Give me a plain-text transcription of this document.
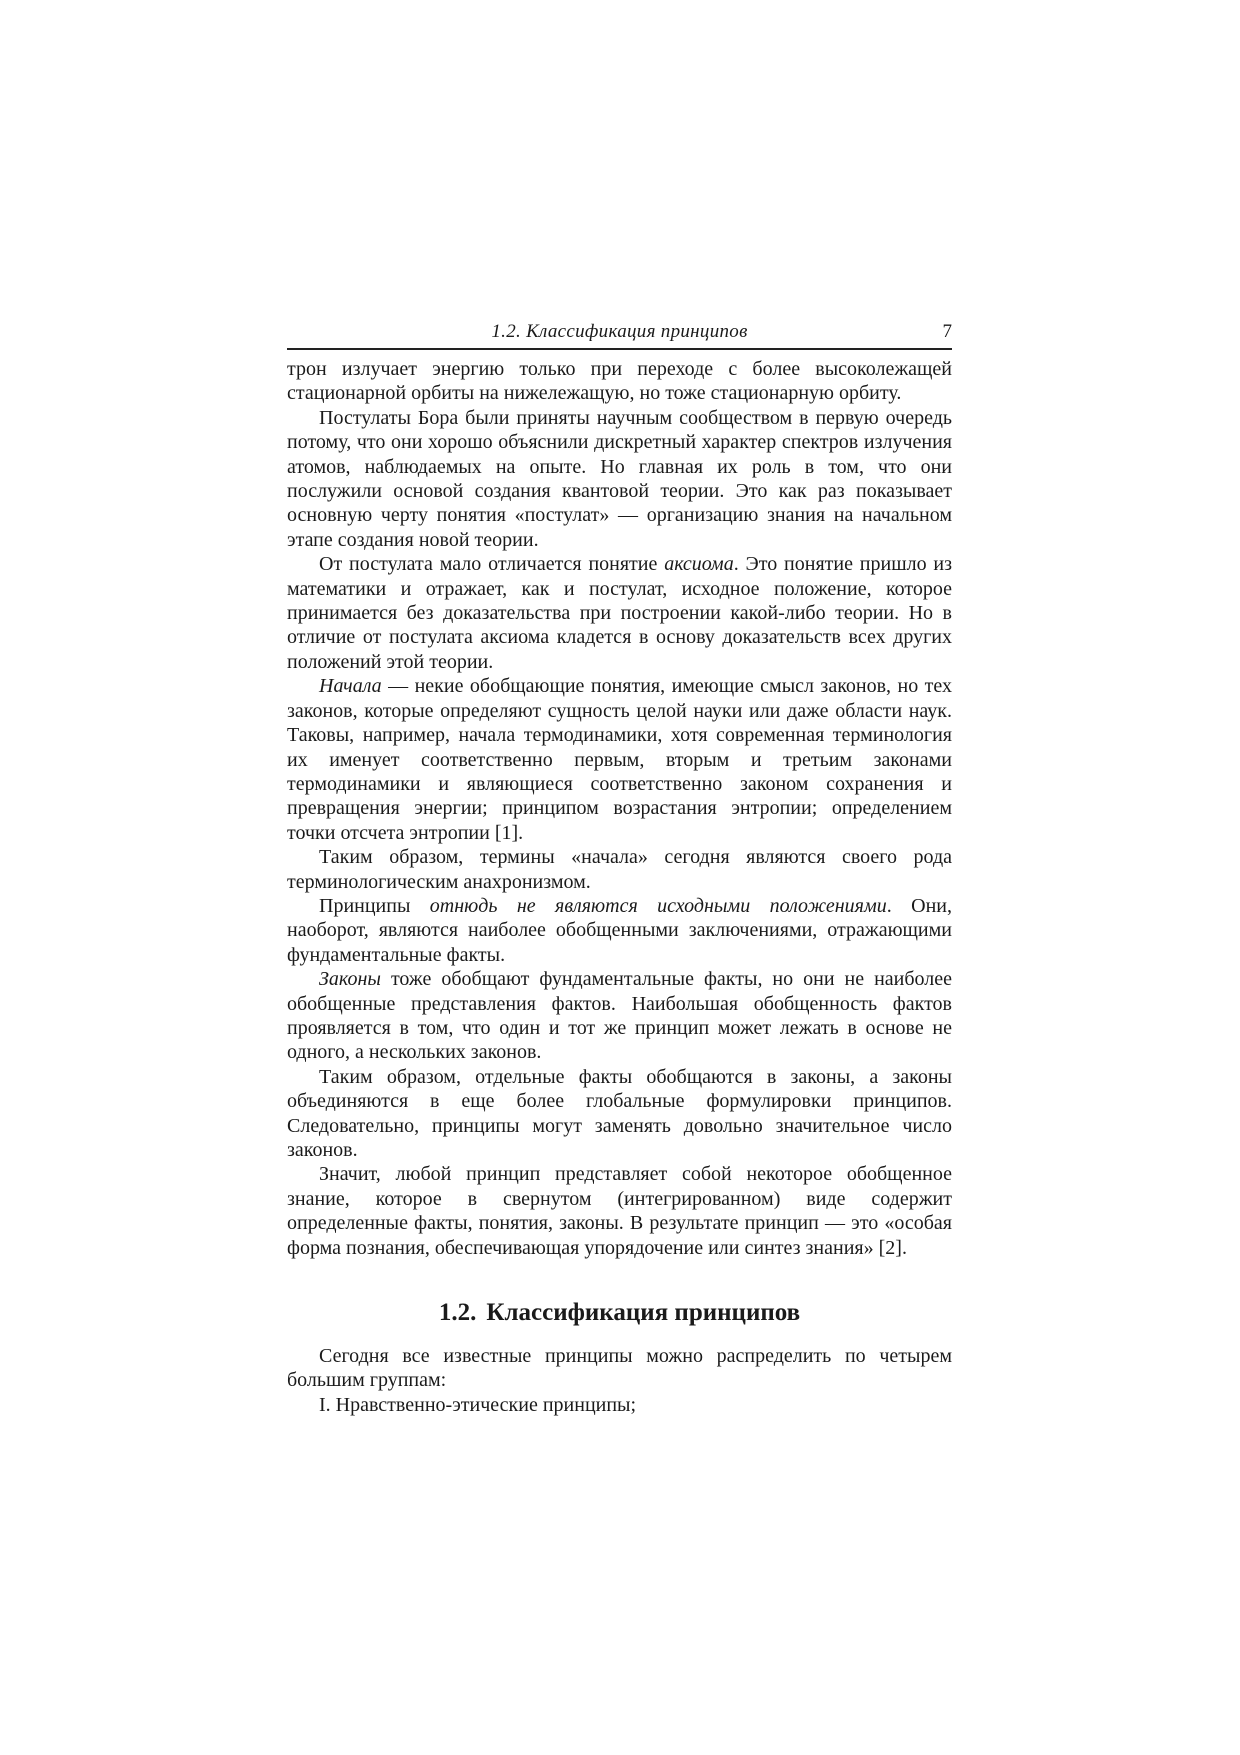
1.2. Классификация принципов	7

трон излучает энергию только при переходе с более высоколежащей стационарной орбиты на нижележащую, но тоже стационарную орбиту.

Постулаты Бора были приняты научным сообществом в первую очередь потому, что они хорошо объяснили дискретный характер спектров излучения атомов, наблюдаемых на опыте. Но главная их роль в том, что они послужили основой создания квантовой теории. Это как раз показывает основную черту понятия «постулат» — организацию знания на начальном этапе создания новой теории.

От постулата мало отличается понятие аксиома. Это понятие пришло из математики и отражает, как и постулат, исходное положение, которое принимается без доказательства при построении какой-либо теории. Но в отличие от постулата аксиома кладется в основу доказательств всех других положений этой теории.

Начала — некие обобщающие понятия, имеющие смысл законов, но тех законов, которые определяют сущность целой науки или даже области наук. Таковы, например, начала термодинамики, хотя современная терминология их именует соответственно первым, вторым и третьим законами термодинамики и являющиеся соответственно законом сохранения и превращения энергии; принципом возрастания энтропии; определением точки отсчета энтропии [1].

Таким образом, термины «начала» сегодня являются своего рода терминологическим анахронизмом.

Принципы отнюдь не являются исходными положениями. Они, наоборот, являются наиболее обобщенными заключениями, отражающими фундаментальные факты.

Законы тоже обобщают фундаментальные факты, но они не наиболее обобщенные представления фактов. Наибольшая обобщенность фактов проявляется в том, что один и тот же принцип может лежать в основе не одного, а нескольких законов.

Таким образом, отдельные факты обобщаются в законы, а законы объединяются в еще более глобальные формулировки принципов. Следовательно, принципы могут заменять довольно значительное число законов.

Значит, любой принцип представляет собой некоторое обобщенное знание, которое в свернутом (интегрированном) виде содержит определенные факты, понятия, законы. В результате принцип — это «особая форма познания, обеспечивающая упорядочение или синтез знания» [2].

1.2. Классификация принципов

Сегодня все известные принципы можно распределить по четырем большим группам:

I. Нравственно-этические принципы;
